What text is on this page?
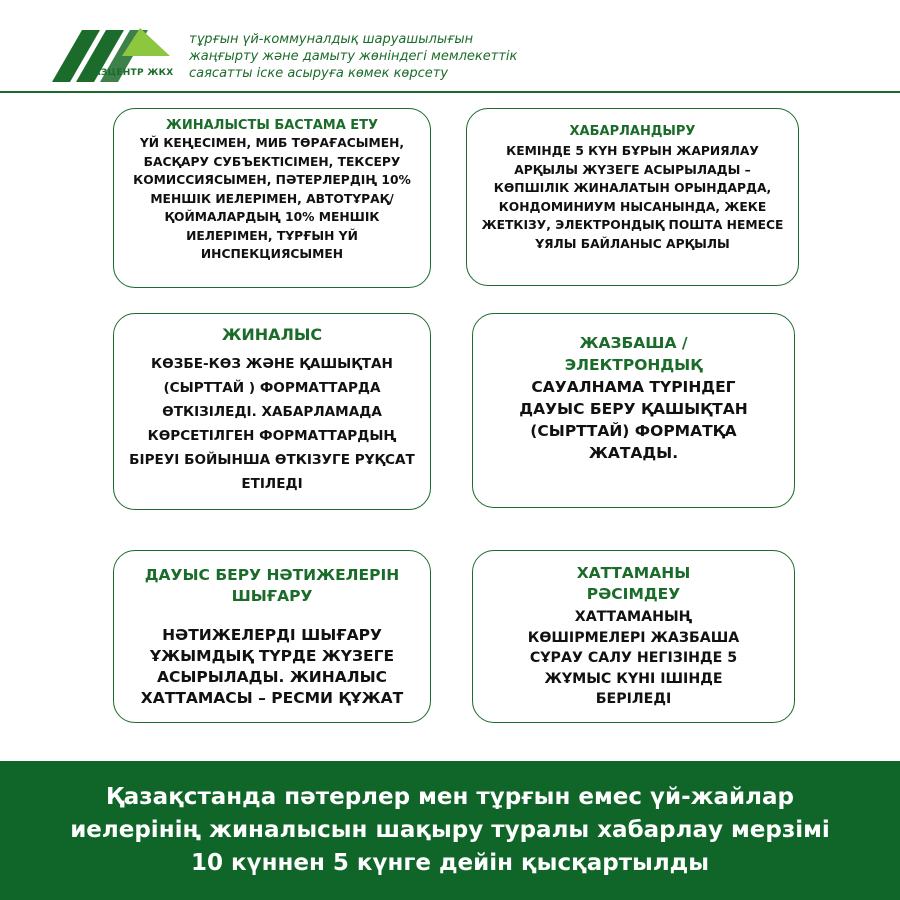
КАЗЦЕНТР ЖКХ
тұрғын үй-коммуналдық шаруашылығын
жаңғырту және дамыту жөніндегі мемлекеттік
саясатты іске асыруға көмек көрсету
ЖИНАЛЫСТЫ БАСТАМА ЕТУ
ҮЙ КЕҢЕСІМЕН, МИБ ТӨРАҒАСЫМЕН, БАСҚАРУ СУБЪЕКТІСІМЕН, ТЕКСЕРУ КОМИССИЯСЫМЕН, ПӘТЕРЛЕРДІҢ 10% МЕНШІК ИЕЛЕРІМЕН, АВТОТҰРАҚ/ҚОЙМАЛАРДЫҢ 10% МЕНШІК ИЕЛЕРІМЕН, ТҰРҒЫН ҮЙ ИНСПЕКЦИЯСЫМЕН
ХАБАРЛАНДЫРУ
КЕМІНДЕ 5 КҮН БҰРЫН ЖАРИЯЛАУ АРҚЫЛЫ ЖҮЗЕГЕ АСЫРЫЛАДЫ – КӨПШІЛІК ЖИНАЛАТЫН ОРЫНДАРДА, КОНДОМИНИУМ НЫСАНЫНДА, ЖЕКЕ ЖЕТКІЗУ, ЭЛЕКТРОНДЫҚ ПОШТА НЕМЕСЕ ҰЯЛЫ БАЙЛАНЫС АРҚЫЛЫ
ЖИНАЛЫС
КӨЗБЕ-КӨЗ ЖӘНЕ ҚАШЫҚТАН (СЫРТТАЙ ) ФОРМАТТАРДА ӨТКІЗІЛЕДІ. ХАБАРЛАМАДА КӨРСЕТІЛГЕН ФОРМАТТАРДЫҢ БІРЕУІ БОЙЫНША ӨТКІЗУГЕ РҰҚСАТ ЕТІЛЕДІ
ЖАЗБАША / ЭЛЕКТРОНДЫҚ
САУАЛНАМА ТҮРІНДЕГ ДАУЫС БЕРУ ҚАШЫҚТАН (СЫРТТАЙ) ФОРМАТҚА ЖАТАДЫ.
ДАУЫС БЕРУ НӘТИЖЕЛЕРІН ШЫҒАРУ
НӘТИЖЕЛЕРДІ ШЫҒАРУ ҰЖЫМДЫҚ ТҮРДЕ ЖҮЗЕГЕ АСЫРЫЛАДЫ. ЖИНАЛЫС ХАТТАМАСЫ – РЕСМИ ҚҰЖАТ
ХАТТАМАНЫ РӘСІМДЕУ
ХАТТАМАНЫҢ КӨШІРМЕЛЕРІ ЖАЗБАША СҰРАУ САЛУ НЕГІЗІНДЕ 5 ЖҰМЫС КҮНІ ІШІНДЕ БЕРІЛЕДІ
Қазақстанда пәтерлер мен тұрғын емес үй-жайлар
иелерінің жиналысын шақыру туралы хабарлау мерзімі
10 күннен 5 күнге дейін қысқартылды
